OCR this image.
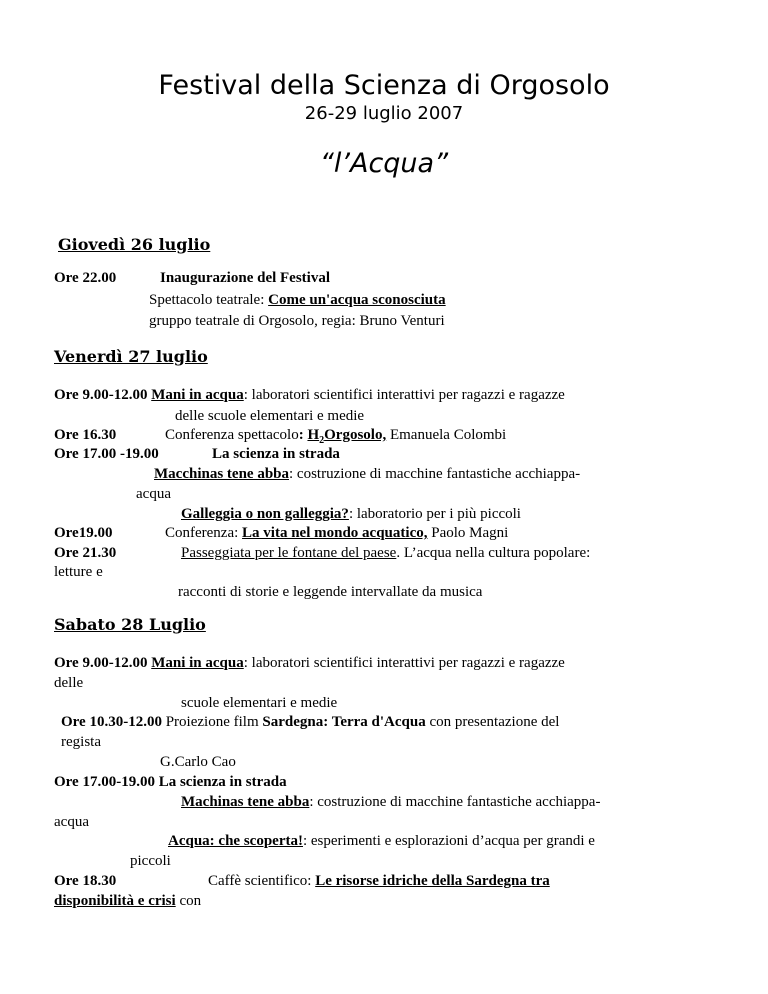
Festival della Scienza di Orgosolo
26-29 luglio 2007
“l’Acqua”
Giovedì 26 luglio
Ore 22.00	Inaugurazione del Festival
Spettacolo teatrale: Come un'acqua sconosciuta
gruppo teatrale di Orgosolo, regia: Bruno Venturi
Venerdì 27 luglio
Ore 9.00-12.00 Mani in acqua: laboratori scientifici interattivi per ragazzi e ragazze
delle scuole elementari e medie
Ore 16.30	Conferenza spettacolo: $H_2Orgosolo$, Emanuela Colombi
Ore 17.00 -19.00	La scienza in strada
Macchinas tene abba: costruzione di macchine fantastiche acchiappa-
acqua
Galleggia o non galleggia?: laboratorio per i più piccoli
Ore19.00	Conferenza: La vita nel mondo acquatico, Paolo Magni
Ore 21.30	Passeggiata per le fontane del paese. L’acqua nella cultura popolare:
letture e
racconti di storie e leggende intervallate da musica
Sabato 28 Luglio
Ore 9.00-12.00 Mani in acqua: laboratori scientifici interattivi per ragazzi e ragazze
delle
scuole elementari e medie
Ore 10.30-12.00 Proiezione film Sardegna: Terra d'Acqua con presentazione del
regista
G.Carlo Cao
Ore 17.00-19.00 La scienza in strada
Machinas tene abba: costruzione di macchine fantastiche acchiappa-
acqua
Acqua: che scoperta!: esperimenti e esplorazioni d’acqua per grandi e
piccoli
Ore 18.30	Caffè scientifico: Le risorse idriche della Sardegna tra
disponibilità e crisi con
